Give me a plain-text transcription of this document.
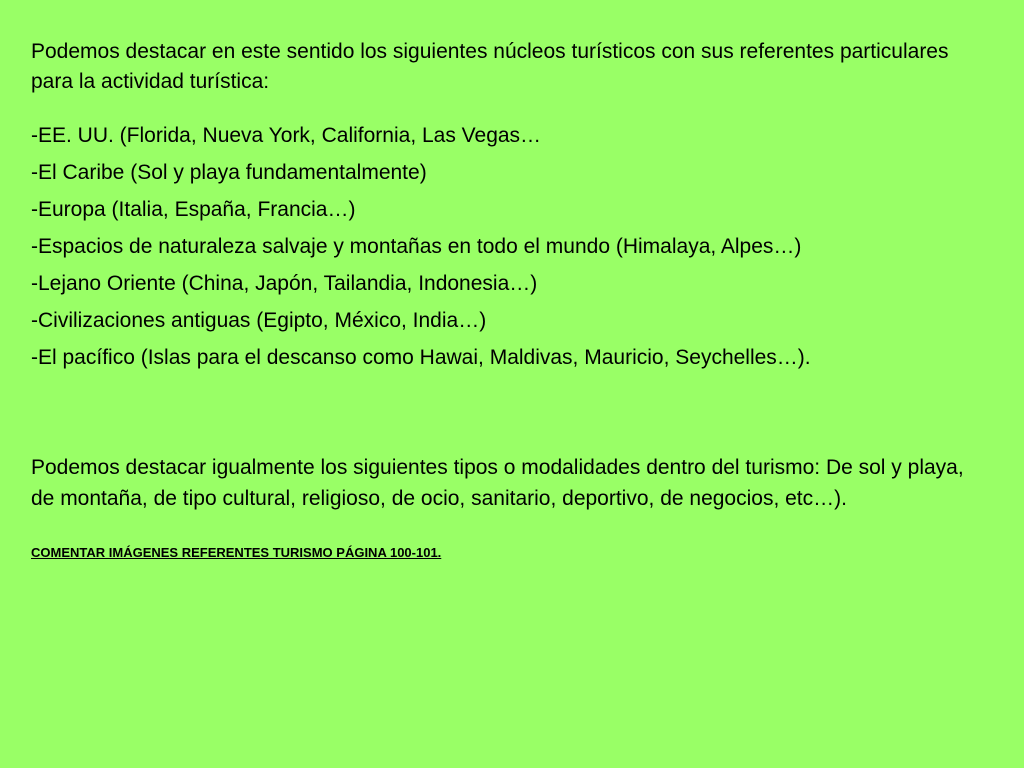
Podemos destacar en este sentido los siguientes núcleos turísticos con sus referentes particulares para la actividad turística:

-EE. UU. (Florida, Nueva York, California, Las Vegas…
-El Caribe (Sol y playa fundamentalmente)
-Europa (Italia, España, Francia…)
-Espacios de naturaleza salvaje y montañas en todo el mundo (Himalaya, Alpes…)
-Lejano Oriente (China, Japón, Tailandia, Indonesia…)
-Civilizaciones antiguas (Egipto, México, India…)
-El pacífico (Islas para el descanso como Hawai, Maldivas, Mauricio, Seychelles…).

Podemos destacar igualmente los siguientes tipos o modalidades dentro del turismo: De sol y playa, de montaña, de tipo cultural, religioso, de ocio, sanitario, deportivo, de negocios, etc…).

COMENTAR IMÁGENES REFERENTES TURISMO PÁGINA 100-101.
